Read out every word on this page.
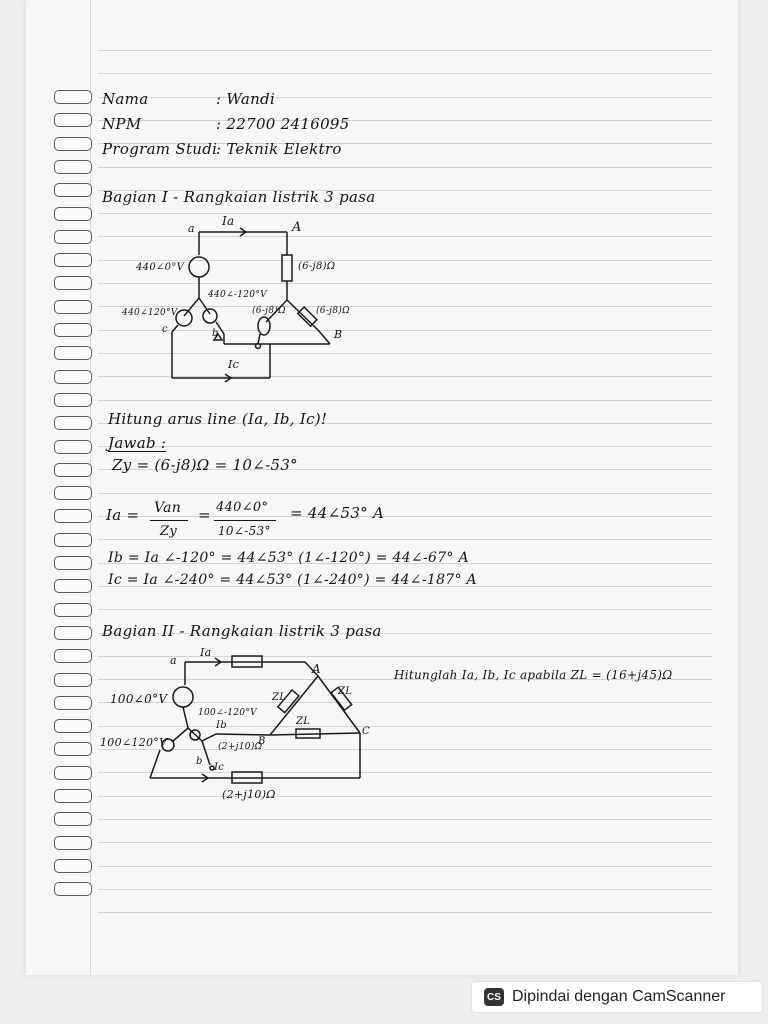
Nama	: Wandi
NPM	: 22700 2416095
Program Studi
: Teknik Elektro
Bagian I - Rangkaian listrik 3 pasa
Ia
a	A
440∠0°V	(6-j8)Ω
440∠-120°V
440∠120°V	(6-j8)Ω	(6-j8)Ω
c	b	B
Ic
Hitung arus line (Ia, Ib, Ic)!
Jawab :
Zy = (6-j8)Ω = 10∠-53°
Ia = Van
Zy
= 440∠0°
10∠-53°
= 44∠53° A
Ib = Ia ∠-120° = 44∠53° (1∠-120°) = 44∠-67° A
Ic = Ia ∠-240° = 44∠53° (1∠-240°) = 44∠-187° A
Bagian II - Rangkaian listrik 3 pasa
Ia
a
A
100∠0°V	ZL
ZL
100∠-120°V
ZL
Ib
100∠120°V	(2+j10)Ω
B
b
Ic
C
(2+j10)Ω
Hitunglah Ia, Ib, Ic apabila ZL = (16+j45)Ω
CS Dipindai dengan CamScanner
